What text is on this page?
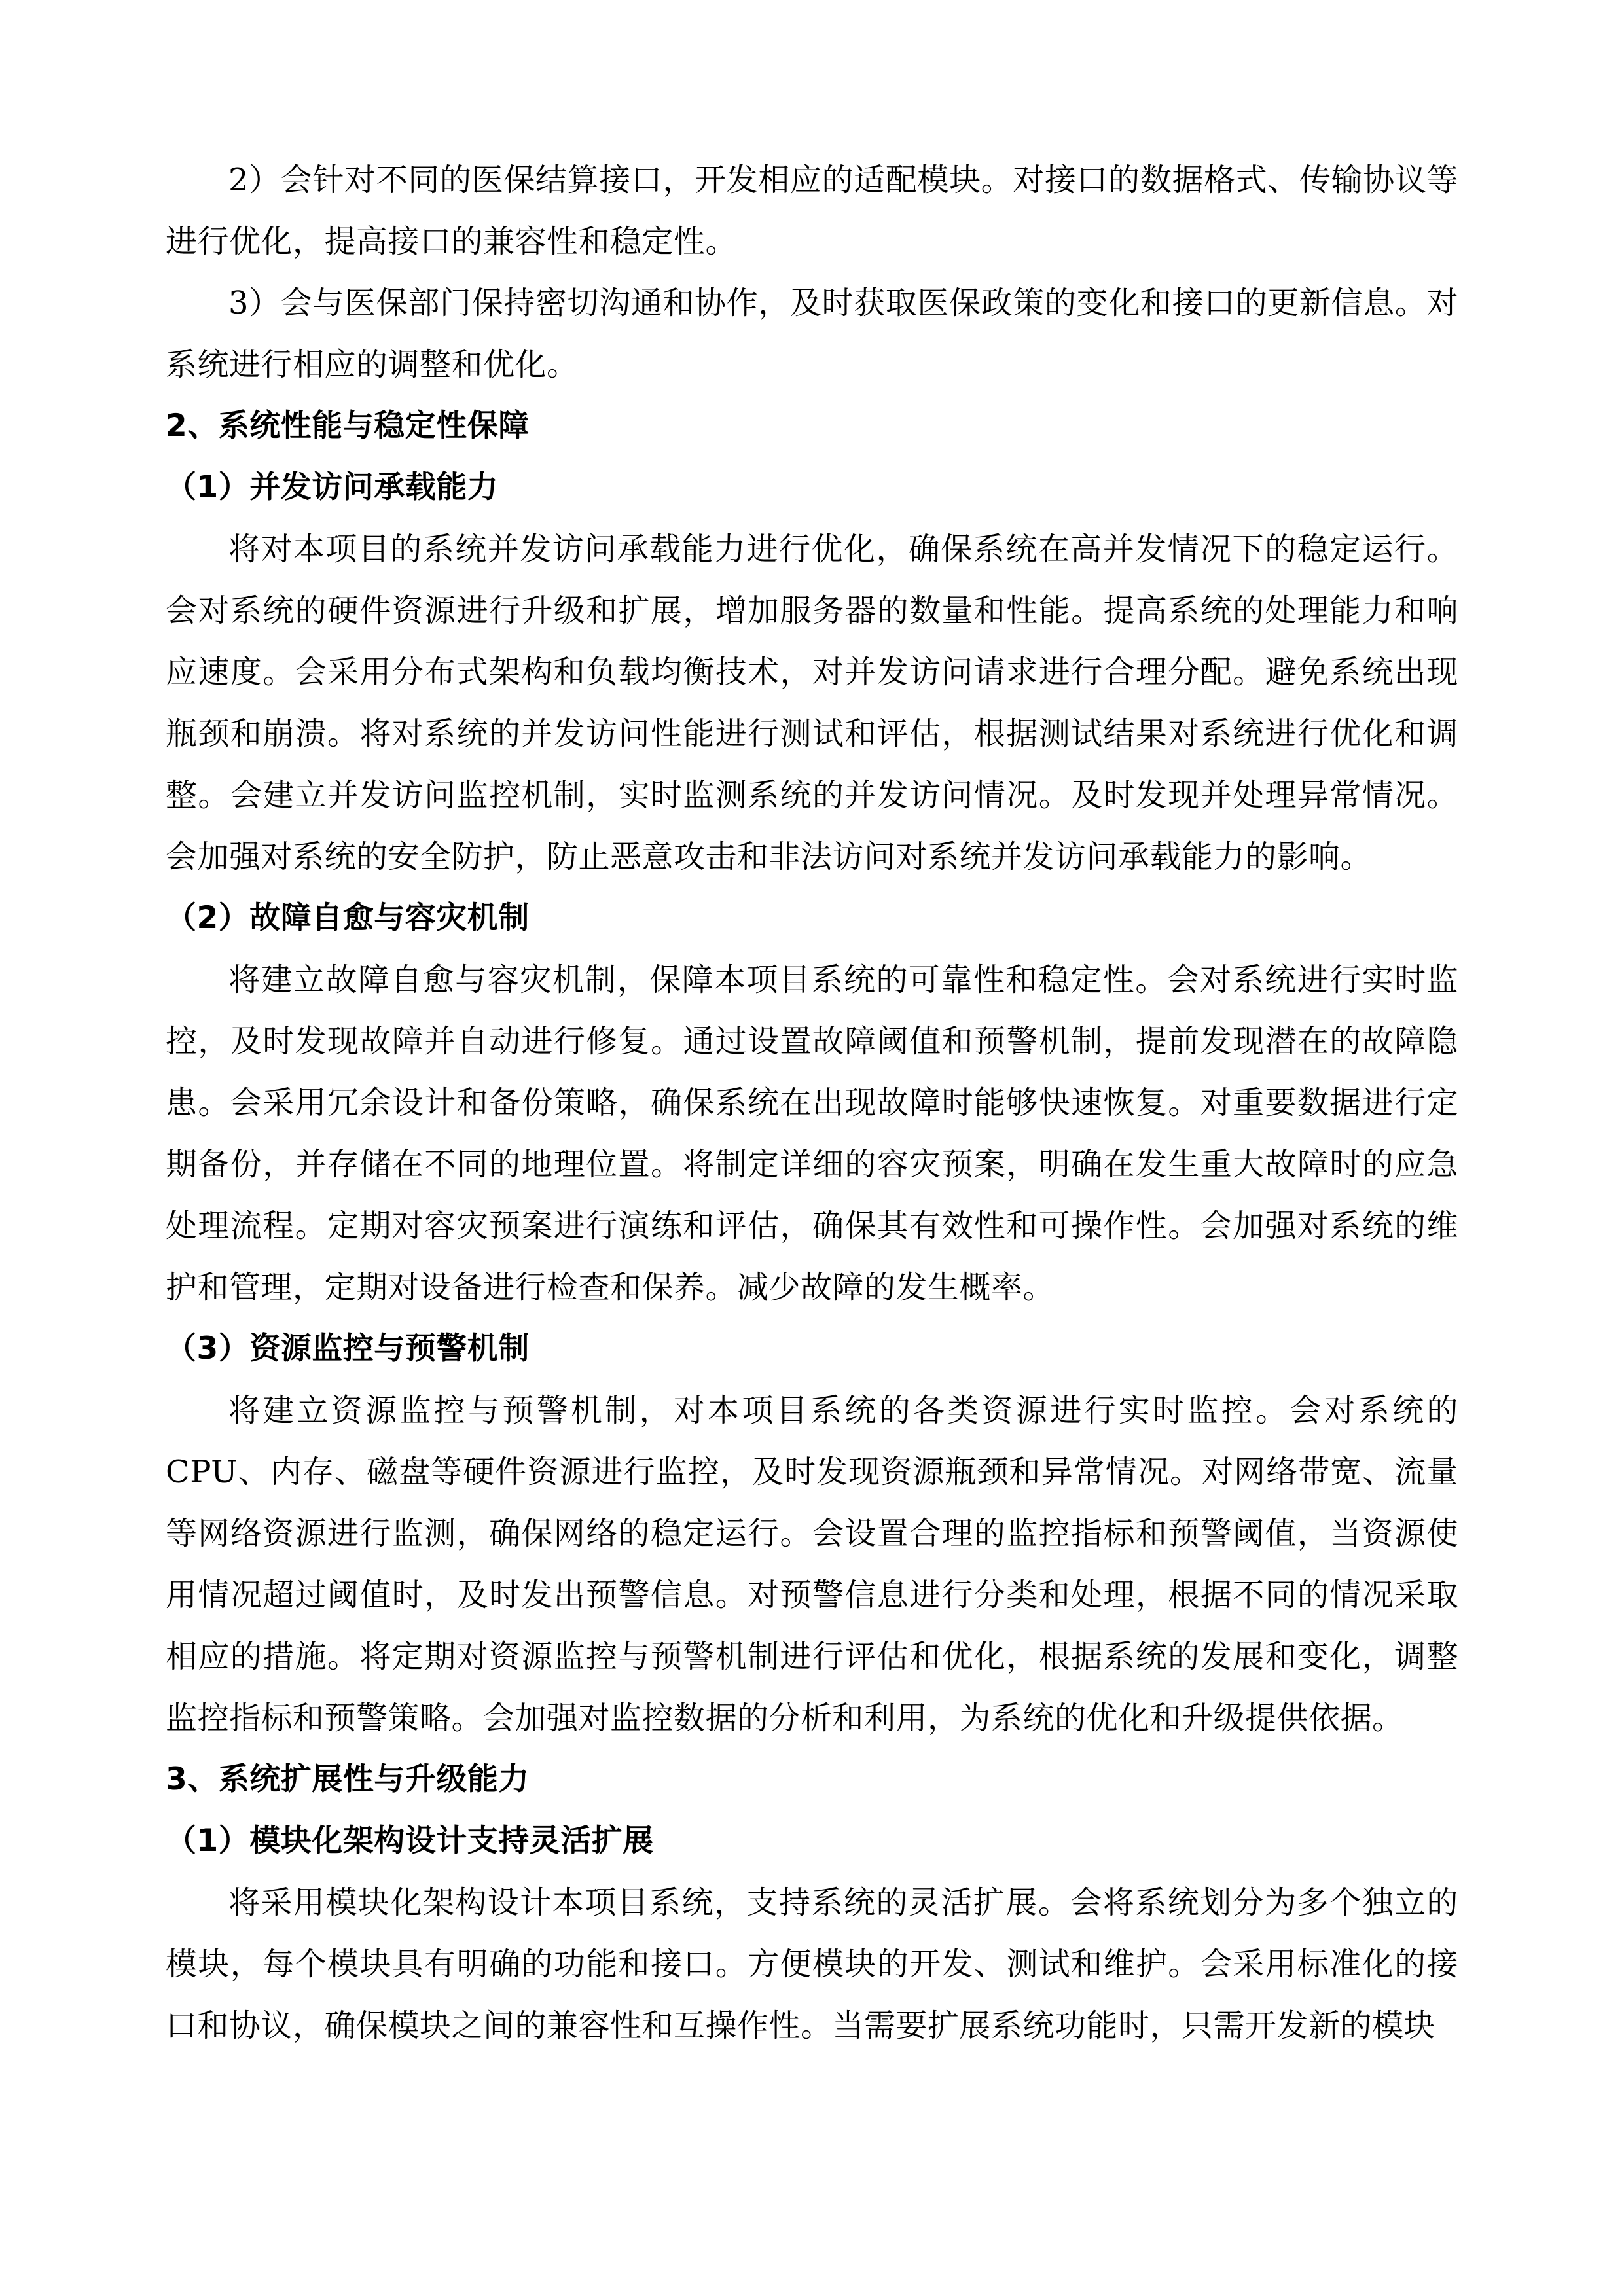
2）会针对不同的医保结算接口，开发相应的适配模块。对接口的数据格式、传输协议等进行优化，提高接口的兼容性和稳定性。

3）会与医保部门保持密切沟通和协作，及时获取医保政策的变化和接口的更新信息。对系统进行相应的调整和优化。

2、系统性能与稳定性保障

（1）并发访问承载能力

将对本项目的系统并发访问承载能力进行优化，确保系统在高并发情况下的稳定运行。会对系统的硬件资源进行升级和扩展，增加服务器的数量和性能。提高系统的处理能力和响应速度。会采用分布式架构和负载均衡技术，对并发访问请求进行合理分配。避免系统出现瓶颈和崩溃。将对系统的并发访问性能进行测试和评估，根据测试结果对系统进行优化和调整。会建立并发访问监控机制，实时监测系统的并发访问情况。及时发现并处理异常情况。会加强对系统的安全防护，防止恶意攻击和非法访问对系统并发访问承载能力的影响。

（2）故障自愈与容灾机制

将建立故障自愈与容灾机制，保障本项目系统的可靠性和稳定性。会对系统进行实时监控，及时发现故障并自动进行修复。通过设置故障阈值和预警机制，提前发现潜在的故障隐患。会采用冗余设计和备份策略，确保系统在出现故障时能够快速恢复。对重要数据进行定期备份，并存储在不同的地理位置。将制定详细的容灾预案，明确在发生重大故障时的应急处理流程。定期对容灾预案进行演练和评估，确保其有效性和可操作性。会加强对系统的维护和管理，定期对设备进行检查和保养。减少故障的发生概率。

（3）资源监控与预警机制

将建立资源监控与预警机制，对本项目系统的各类资源进行实时监控。会对系统的CPU、内存、磁盘等硬件资源进行监控，及时发现资源瓶颈和异常情况。对网络带宽、流量等网络资源进行监测，确保网络的稳定运行。会设置合理的监控指标和预警阈值，当资源使用情况超过阈值时，及时发出预警信息。对预警信息进行分类和处理，根据不同的情况采取相应的措施。将定期对资源监控与预警机制进行评估和优化，根据系统的发展和变化，调整监控指标和预警策略。会加强对监控数据的分析和利用，为系统的优化和升级提供依据。

3、系统扩展性与升级能力

（1）模块化架构设计支持灵活扩展

将采用模块化架构设计本项目系统，支持系统的灵活扩展。会将系统划分为多个独立的模块，每个模块具有明确的功能和接口。方便模块的开发、测试和维护。会采用标准化的接口和协议，确保模块之间的兼容性和互操作性。当需要扩展系统功能时，只需开发新的模块
